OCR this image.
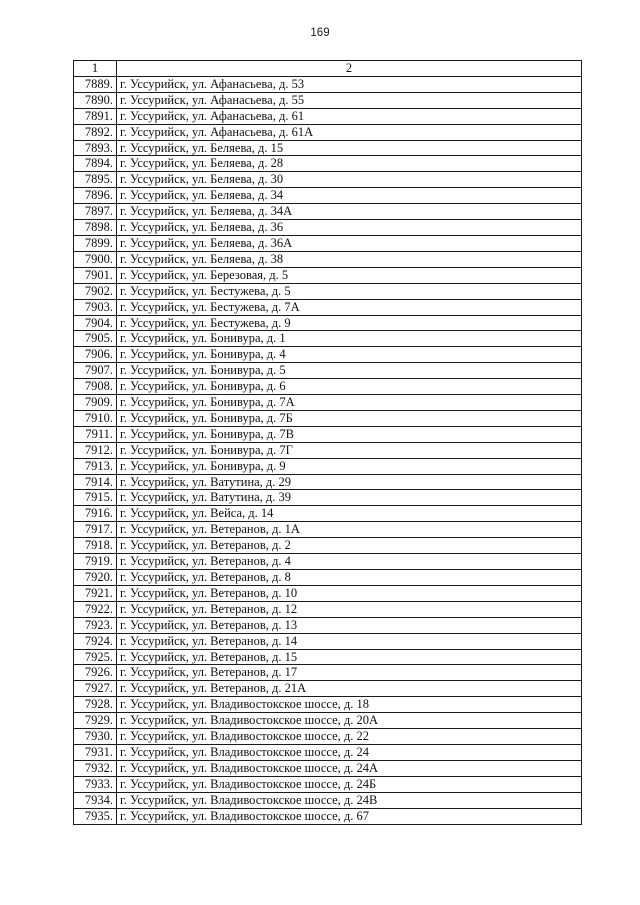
169
1	2
7889.	г. Уссурийск, ул. Афанасьева, д. 53
7890.	г. Уссурийск, ул. Афанасьева, д. 55
7891.	г. Уссурийск, ул. Афанасьева, д. 61
7892.	г. Уссурийск, ул. Афанасьева, д. 61А
7893.	г. Уссурийск, ул. Беляева, д. 15
7894.	г. Уссурийск, ул. Беляева, д. 28
7895.	г. Уссурийск, ул. Беляева, д. 30
7896.	г. Уссурийск, ул. Беляева, д. 34
7897.	г. Уссурийск, ул. Беляева, д. 34А
7898.	г. Уссурийск, ул. Беляева, д. 36
7899.	г. Уссурийск, ул. Беляева, д. 36А
7900.	г. Уссурийск, ул. Беляева, д. 38
7901.	г. Уссурийск, ул. Березовая, д. 5
7902.	г. Уссурийск, ул. Бестужева, д. 5
7903.	г. Уссурийск, ул. Бестужева, д. 7А
7904.	г. Уссурийск, ул. Бестужева, д. 9
7905.	г. Уссурийск, ул. Бонивура, д. 1
7906.	г. Уссурийск, ул. Бонивура, д. 4
7907.	г. Уссурийск, ул. Бонивура, д. 5
7908.	г. Уссурийск, ул. Бонивура, д. 6
7909.	г. Уссурийск, ул. Бонивура, д. 7А
7910.	г. Уссурийск, ул. Бонивура, д. 7Б
7911.	г. Уссурийск, ул. Бонивура, д. 7В
7912.	г. Уссурийск, ул. Бонивура, д. 7Г
7913.	г. Уссурийск, ул. Бонивура, д. 9
7914.	г. Уссурийск, ул. Ватутина, д. 29
7915.	г. Уссурийск, ул. Ватутина, д. 39
7916.	г. Уссурийск, ул. Вейса, д. 14
7917.	г. Уссурийск, ул. Ветеранов, д. 1А
7918.	г. Уссурийск, ул. Ветеранов, д. 2
7919.	г. Уссурийск, ул. Ветеранов, д. 4
7920.	г. Уссурийск, ул. Ветеранов, д. 8
7921.	г. Уссурийск, ул. Ветеранов, д. 10
7922.	г. Уссурийск, ул. Ветеранов, д. 12
7923.	г. Уссурийск, ул. Ветеранов, д. 13
7924.	г. Уссурийск, ул. Ветеранов, д. 14
7925.	г. Уссурийск, ул. Ветеранов, д. 15
7926.	г. Уссурийск, ул. Ветеранов, д. 17
7927.	г. Уссурийск, ул. Ветеранов, д. 21А
7928.	г. Уссурийск, ул. Владивостокское шоссе, д. 18
7929.	г. Уссурийск, ул. Владивостокское шоссе, д. 20А
7930.	г. Уссурийск, ул. Владивостокское шоссе, д. 22
7931.	г. Уссурийск, ул. Владивостокское шоссе, д. 24
7932.	г. Уссурийск, ул. Владивостокское шоссе, д. 24А
7933.	г. Уссурийск, ул. Владивостокское шоссе, д. 24Б
7934.	г. Уссурийск, ул. Владивостокское шоссе, д. 24В
7935.	г. Уссурийск, ул. Владивостокское шоссе, д. 67
